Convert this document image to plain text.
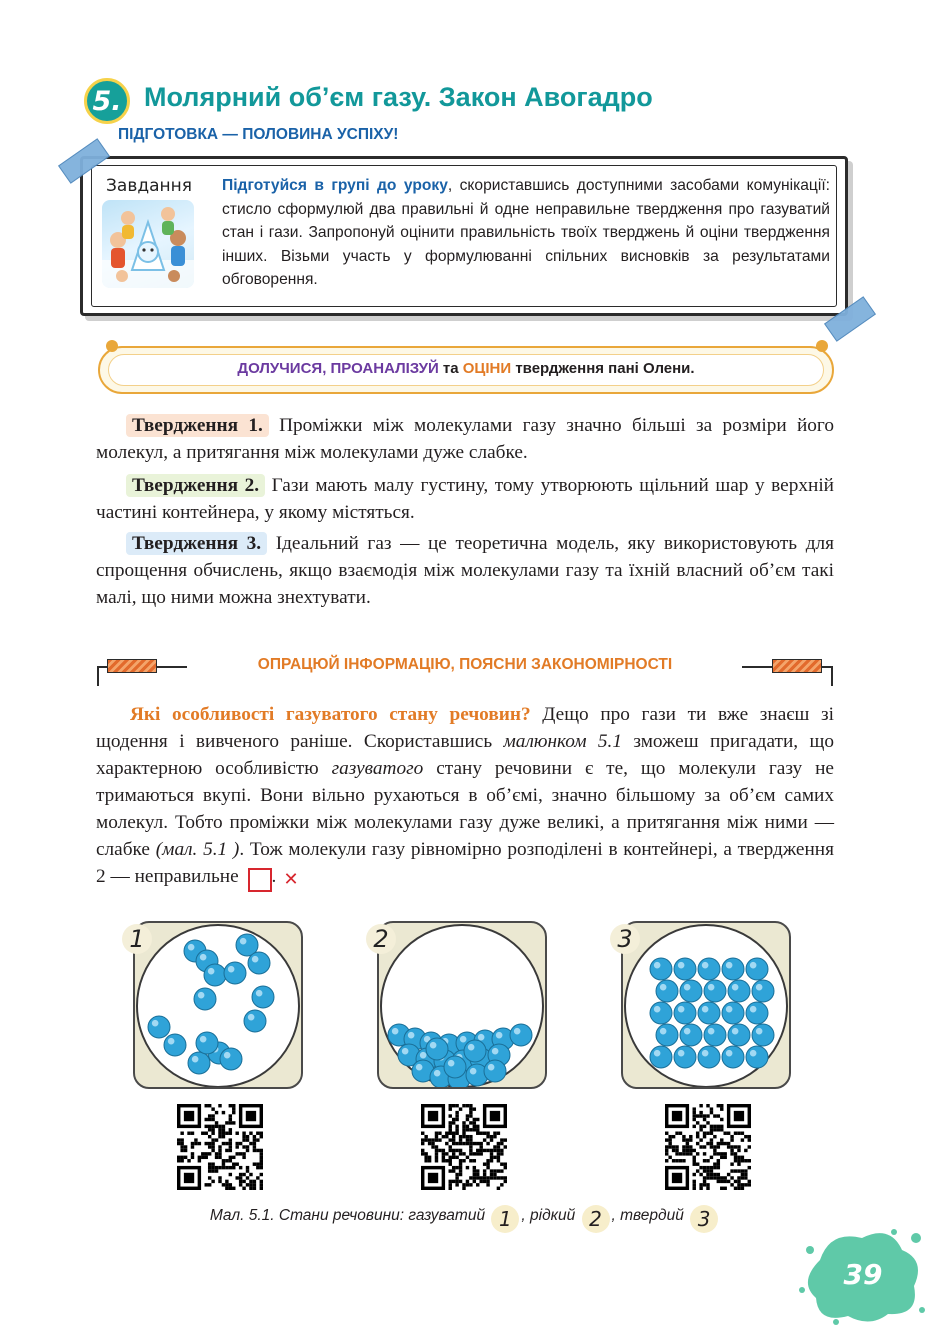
5. Молярний об’єм газу. Закон Авогадро
ПІДГОТОВКА — ПОЛОВИНА УСПІХУ!
Завдання Підготуйся в групі до уроку, скориставшись доступними засобами комунікації: стисло сформулюй два правильні й одне неправильне твердження про газуватий стан і гази. Запропонуй оцінити правильність твоїх тверджень й оціни твердження інших. Візьми участь у формулюванні спільних висновків за результатами обговорення.
ДОЛУЧИСЯ, ПРОАНАЛІЗУЙ та ОЦІНИ твердження пані Олени.
Твердження 1. Проміжки між молекулами газу значно більші за розміри його молекул, а притягання між молекулами дуже слабке.
Твердження 2. Гази мають малу густину, тому утворюють щільний шар у верхній частині контейнера, у якому містяться.
Твердження 3. Ідеальний газ — це теоретична модель, яку використовують для спрощення обчислень, якщо взаємодія між молекулами газу та їхній власний об’єм такі малі, що ними можна знехтувати.
ОПРАЦЮЙ ІНФОРМАЦІЮ, ПОЯСНИ ЗАКОНОМІРНОСТІ
Які особливості газуватого стану речовин? Дещо про гази ти вже знаєш зі щодення і вивченого раніше. Скориставшись малюнком 5.1 зможеш пригадати, що характерною особливістю газуватого стану речовини є те, що молекули газу не тримаються вкупі. Вони вільно рухаються в об’ємі, значно більшому за об’єм самих молекул. Тобто проміжки між молекулами газу дуже великі, а притягання між ними — слабке (мал. 5.1 ). Тож молекули газу рівномірно розподілені в контейнері, а твердження 2 — неправильне ✕.
1	2	3
Мал. 5.1. Стани речовини: газуватий 1 , рідкий 2 , твердий 3
39
